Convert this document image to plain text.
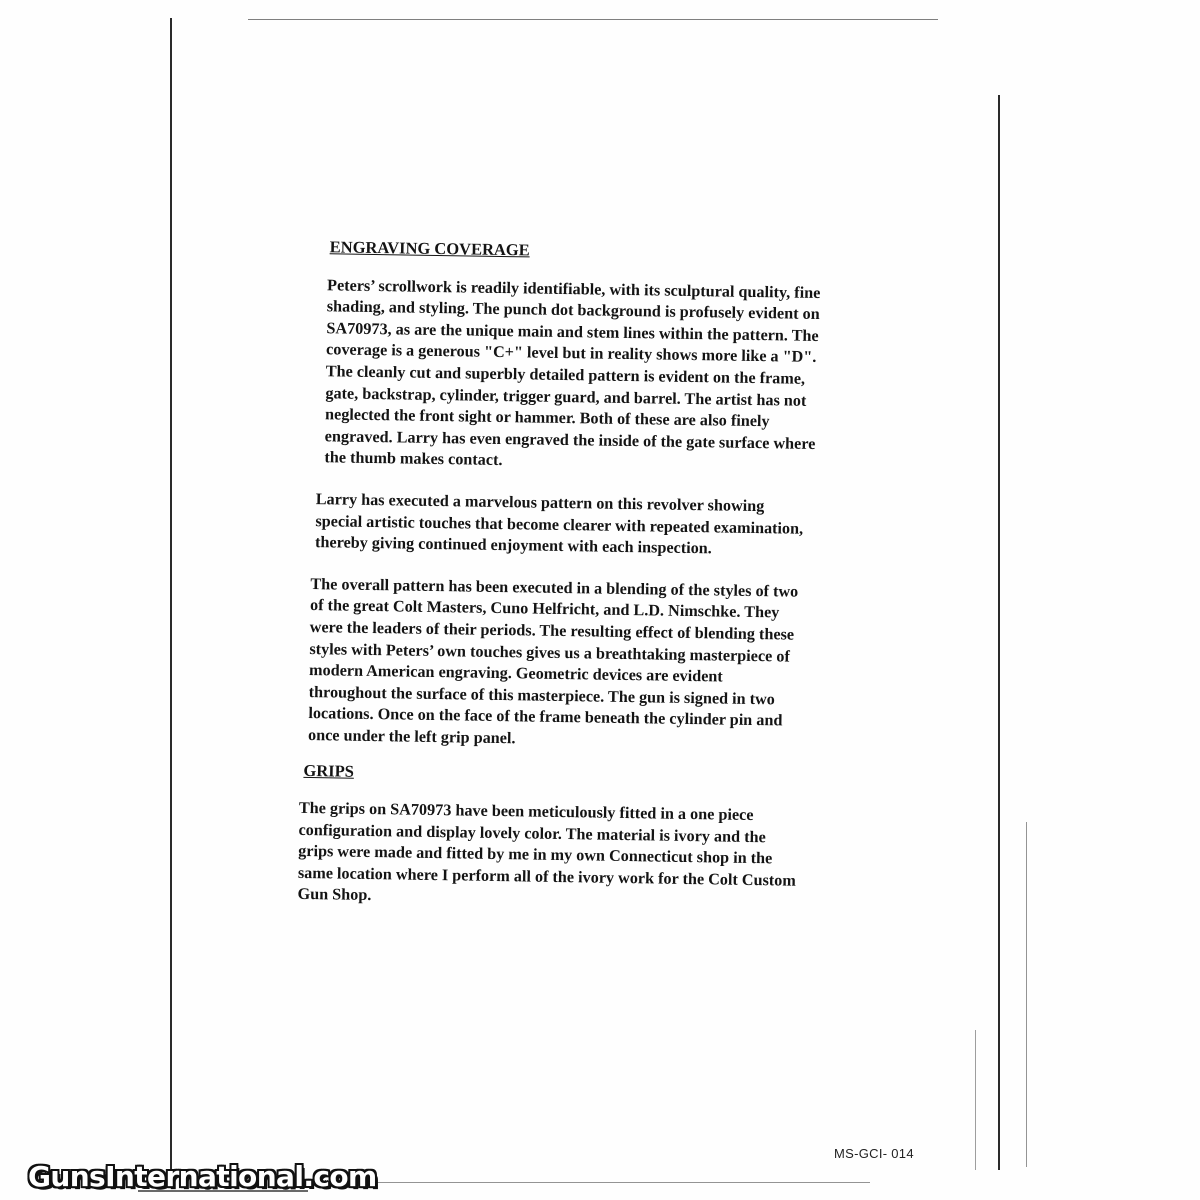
ENGRAVING COVERAGE

Peters’ scrollwork is readily identifiable, with its sculptural quality, fine
shading, and styling. The punch dot background is profusely evident on
SA70973, as are the unique main and stem lines within the pattern. The
coverage is a generous "C+" level but in reality shows more like a "D".
The cleanly cut and superbly detailed pattern is evident on the frame,
gate, backstrap, cylinder, trigger guard, and barrel. The artist has not
neglected the front sight or hammer. Both of these are also finely
engraved. Larry has even engraved the inside of the gate surface where
the thumb makes contact.

Larry has executed a marvelous pattern on this revolver showing
special artistic touches that become clearer with repeated examination,
thereby giving continued enjoyment with each inspection.

The overall pattern has been executed in a blending of the styles of two
of the great Colt Masters, Cuno Helfricht, and L.D. Nimschke. They
were the leaders of their periods. The resulting effect of blending these
styles with Peters’ own touches gives us a breathtaking masterpiece of
modern American engraving. Geometric devices are evident
throughout the surface of this masterpiece. The gun is signed in two
locations. Once on the face of the frame beneath the cylinder pin and
once under the left grip panel.

GRIPS

The grips on SA70973 have been meticulously fitted in a one piece
configuration and display lovely color. The material is ivory and the
grips were made and fitted by me in my own Connecticut shop in the
same location where I perform all of the ivory work for the Colt Custom
Gun Shop.

MS-GCI- 014
GunsInternational.com
